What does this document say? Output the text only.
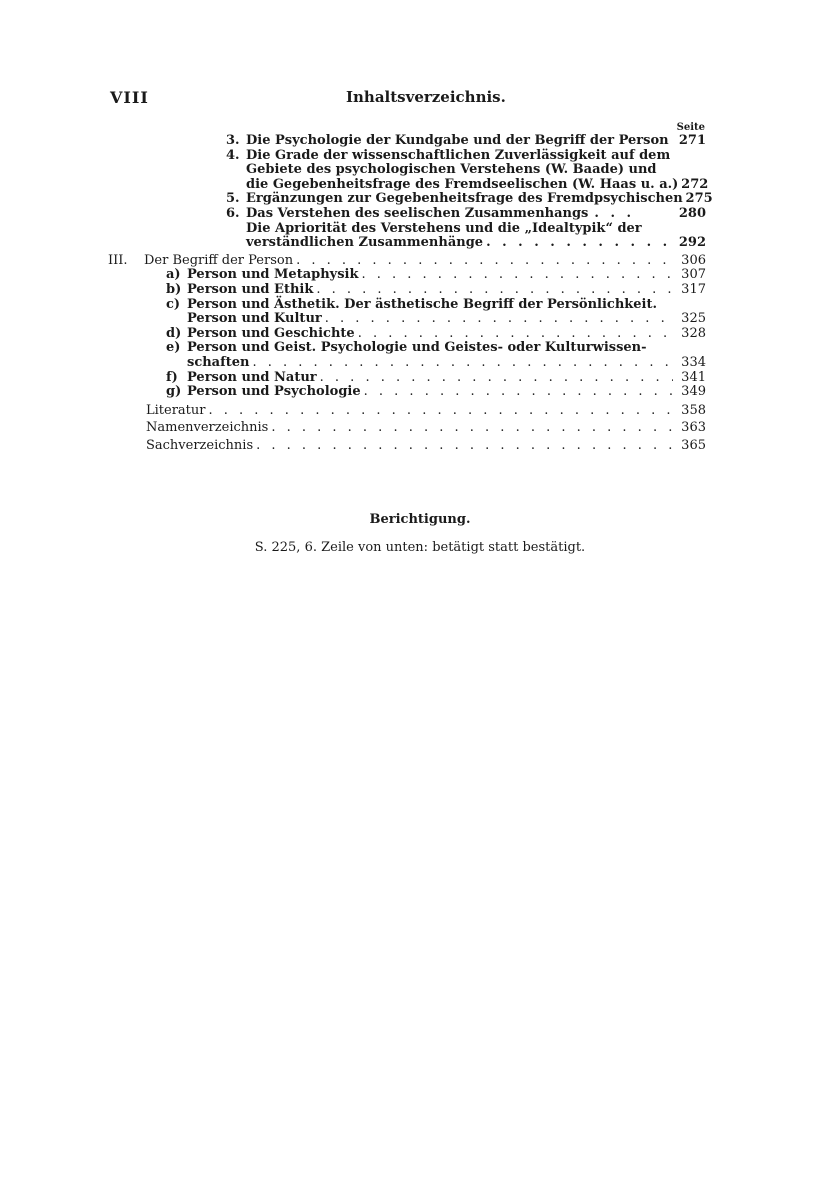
VIII	Inhaltsverzeichnis.
Seite
3. Die Psychologie der Kundgabe und der Begriff der Person 271
4. Die Grade der wissenschaftlichen Zuverlässigkeit auf dem
Gebiete des psychologischen Verstehens (W. Baade) und
die Gegebenheitsfrage des Fremdseelischen (W. Haas u. a.) 272
5. Ergänzungen zur Gegebenheitsfrage des Fremdpsychischen 275
6. Das Verstehen des seelischen Zusammenhangs . . .	280
Die Apriorität des Verstehens und die „Idealtypik“ der
verständlichen Zusammenhänge . . .	292
III. Der Begriff der Person . . .	306
a) Person und Metaphysik . . .	307
b) Person und Ethik . . .	317
c) Person und Ästhetik. Der ästhetische Begriff der Persönlichkeit.
Person und Kultur . . .	325
d) Person und Geschichte . . .	328
e) Person und Geist. Psychologie und Geistes- oder Kulturwissen-
schaften . . .	334
f) Person und Natur . . .	341
g) Person und Psychologie . . .	349
Literatur . . .	358
Namenverzeichnis . . .	363
Sachverzeichnis . . .	365
Berichtigung.
S. 225, 6. Zeile von unten: betätigt statt bestätigt.
